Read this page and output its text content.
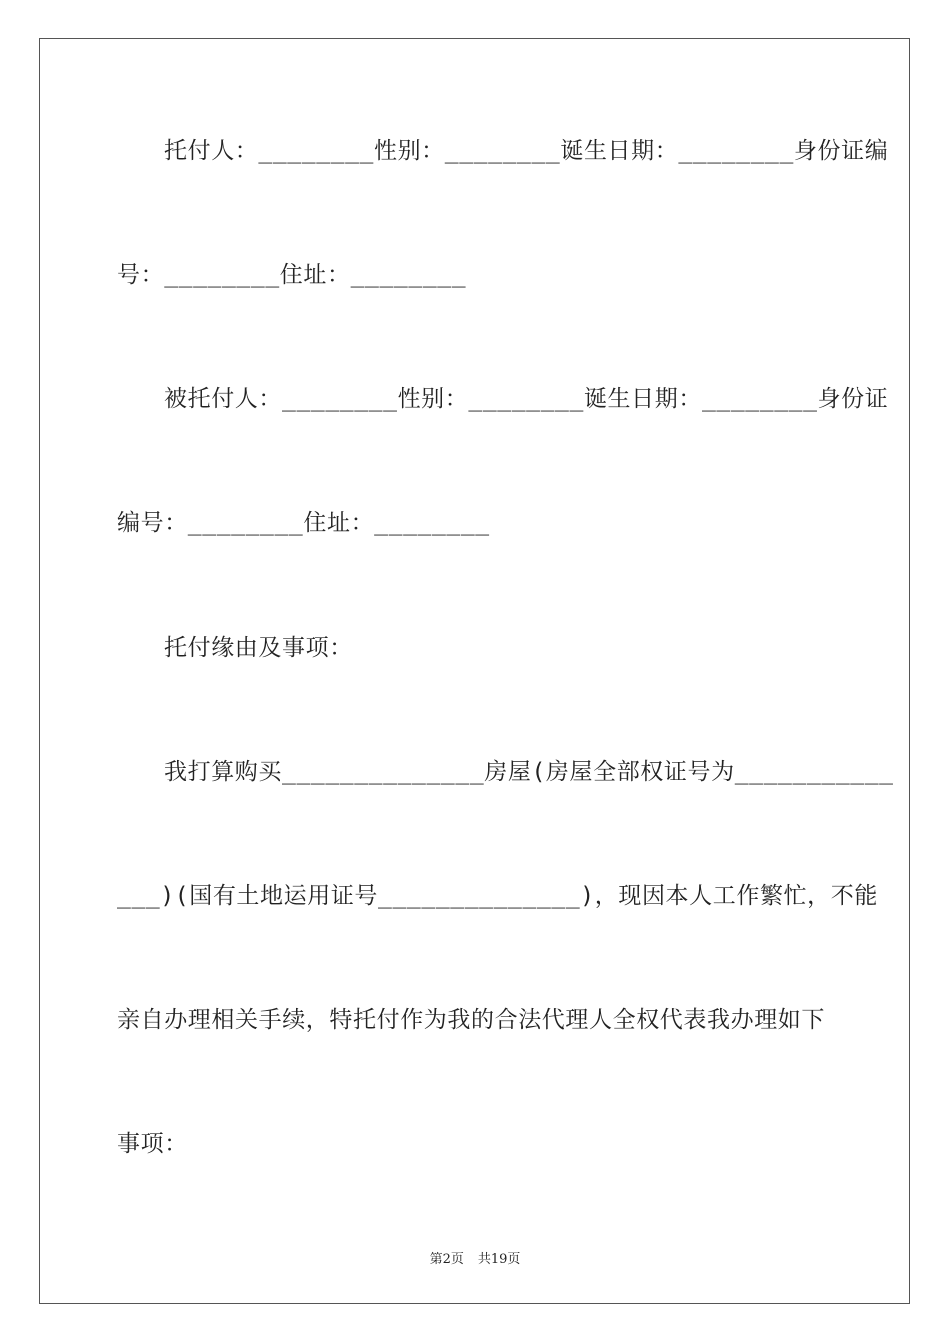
托付人：________性别：________诞生日期：________身份证编
号：________住址：________
被托付人：________性别：________诞生日期：________身份证
编号：________住址：________
托付缘由及事项：
我打算购买______________房屋(房屋全部权证号为___________
___)(国有土地运用证号______________)，现因本人工作繁忙，不能
亲自办理相关手续，特托付作为我的合法代理人全权代表我办理如下
事项：
第2页 共19页
